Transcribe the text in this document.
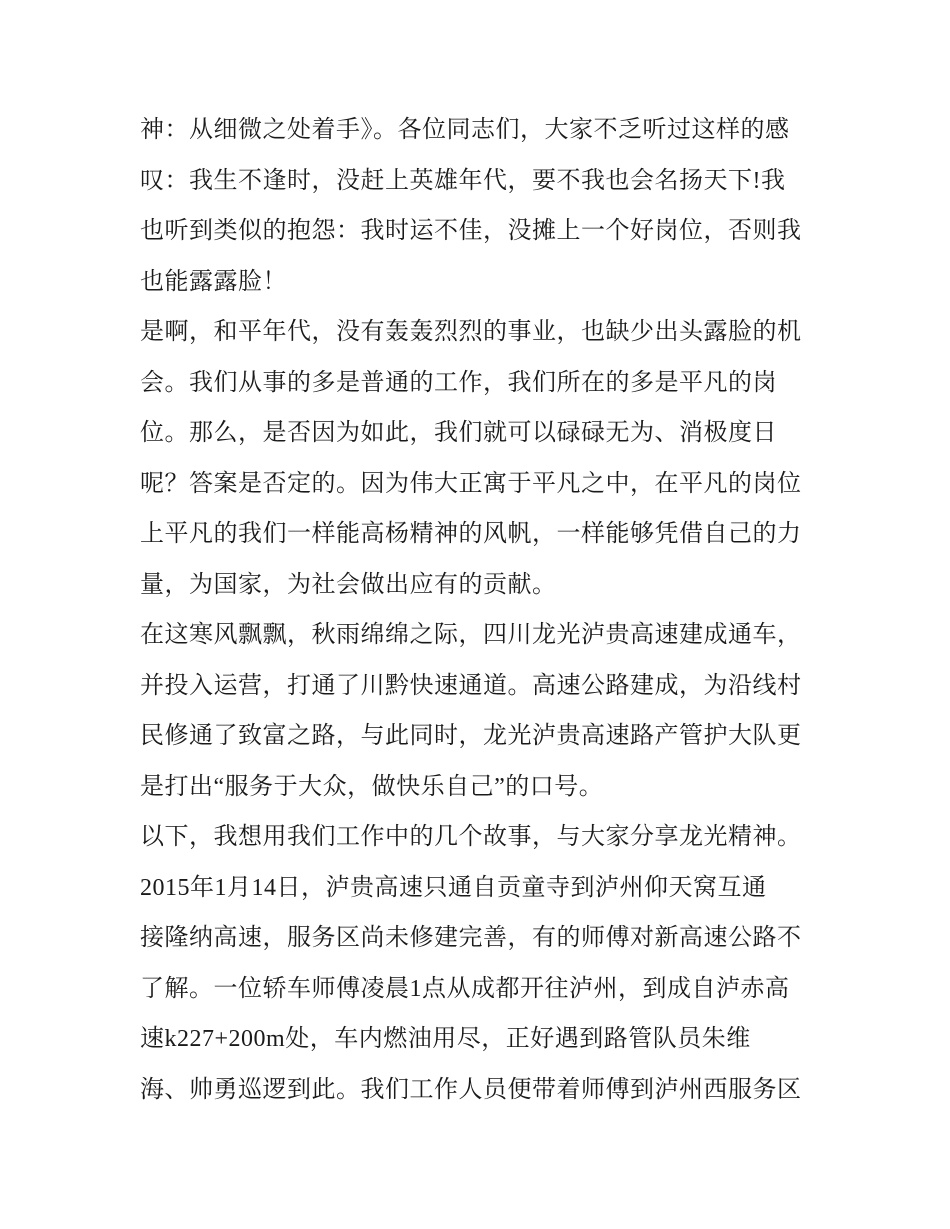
神：从细微之处着手》。各位同志们，大家不乏听过这样的感
叹：我生不逢时，没赶上英雄年代，要不我也会名扬天下!我
也听到类似的抱怨：我时运不佳，没摊上一个好岗位，否则我
也能露露脸！
是啊，和平年代，没有轰轰烈烈的事业，也缺少出头露脸的机
会。我们从事的多是普通的工作，我们所在的多是平凡的岗
位。那么，是否因为如此，我们就可以碌碌无为、消极度日
呢？答案是否定的。因为伟大正寓于平凡之中，在平凡的岗位
上平凡的我们一样能高杨精神的风帆，一样能够凭借自己的力
量，为国家，为社会做出应有的贡献。
在这寒风飘飘，秋雨绵绵之际，四川龙光泸贵高速建成通车，
并投入运营，打通了川黔快速通道。高速公路建成，为沿线村
民修通了致富之路，与此同时，龙光泸贵高速路产管护大队更
是打出“服务于大众，做快乐自己”的口号。
以下，我想用我们工作中的几个故事，与大家分享龙光精神。
2015年1月14日，泸贵高速只通自贡童寺到泸州仰天窝互通
接隆纳高速，服务区尚未修建完善，有的师傅对新高速公路不
了解。一位轿车师傅凌晨1点从成都开往泸州，到成自泸赤高
速k227+200m处，车内燃油用尽，正好遇到路管队员朱维
海、帅勇巡逻到此。我们工作人员便带着师傅到泸州西服务区
